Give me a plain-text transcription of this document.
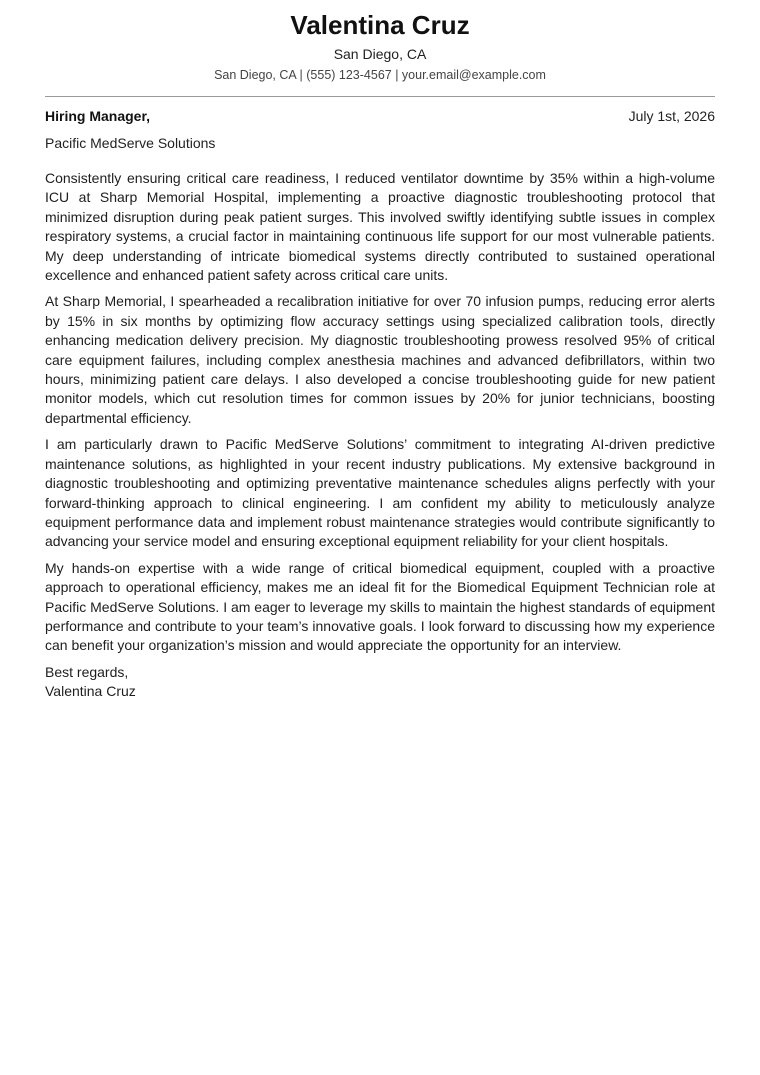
Valentina Cruz
San Diego, CA
San Diego, CA | (555) 123-4567 | your.email@example.com
Hiring Manager,	July 1st, 2026
Pacific MedServe Solutions

Consistently ensuring critical care readiness, I reduced ventilator downtime by 35% within a high-volume ICU at Sharp Memorial Hospital, implementing a proactive diagnostic troubleshooting protocol that minimized disruption during peak patient surges. This involved swiftly identifying subtle issues in complex respiratory systems, a crucial factor in maintaining continuous life support for our most vulnerable patients. My deep understanding of intricate biomedical systems directly contributed to sustained operational excellence and enhanced patient safety across critical care units.

At Sharp Memorial, I spearheaded a recalibration initiative for over 70 infusion pumps, reducing error alerts by 15% in six months by optimizing flow accuracy settings using specialized calibration tools, directly enhancing medication delivery precision. My diagnostic troubleshooting prowess resolved 95% of critical care equipment failures, including complex anesthesia machines and advanced defibrillators, within two hours, minimizing patient care delays. I also developed a concise troubleshooting guide for new patient monitor models, which cut resolution times for common issues by 20% for junior technicians, boosting departmental efficiency.

I am particularly drawn to Pacific MedServe Solutions’ commitment to integrating AI-driven predictive maintenance solutions, as highlighted in your recent industry publications. My extensive background in diagnostic troubleshooting and optimizing preventative maintenance schedules aligns perfectly with your forward-thinking approach to clinical engineering. I am confident my ability to meticulously analyze equipment performance data and implement robust maintenance strategies would contribute significantly to advancing your service model and ensuring exceptional equipment reliability for your client hospitals.

My hands-on expertise with a wide range of critical biomedical equipment, coupled with a proactive approach to operational efficiency, makes me an ideal fit for the Biomedical Equipment Technician role at Pacific MedServe Solutions. I am eager to leverage my skills to maintain the highest standards of equipment performance and contribute to your team’s innovative goals. I look forward to discussing how my experience can benefit your organization’s mission and would appreciate the opportunity for an interview.

Best regards,
Valentina Cruz
